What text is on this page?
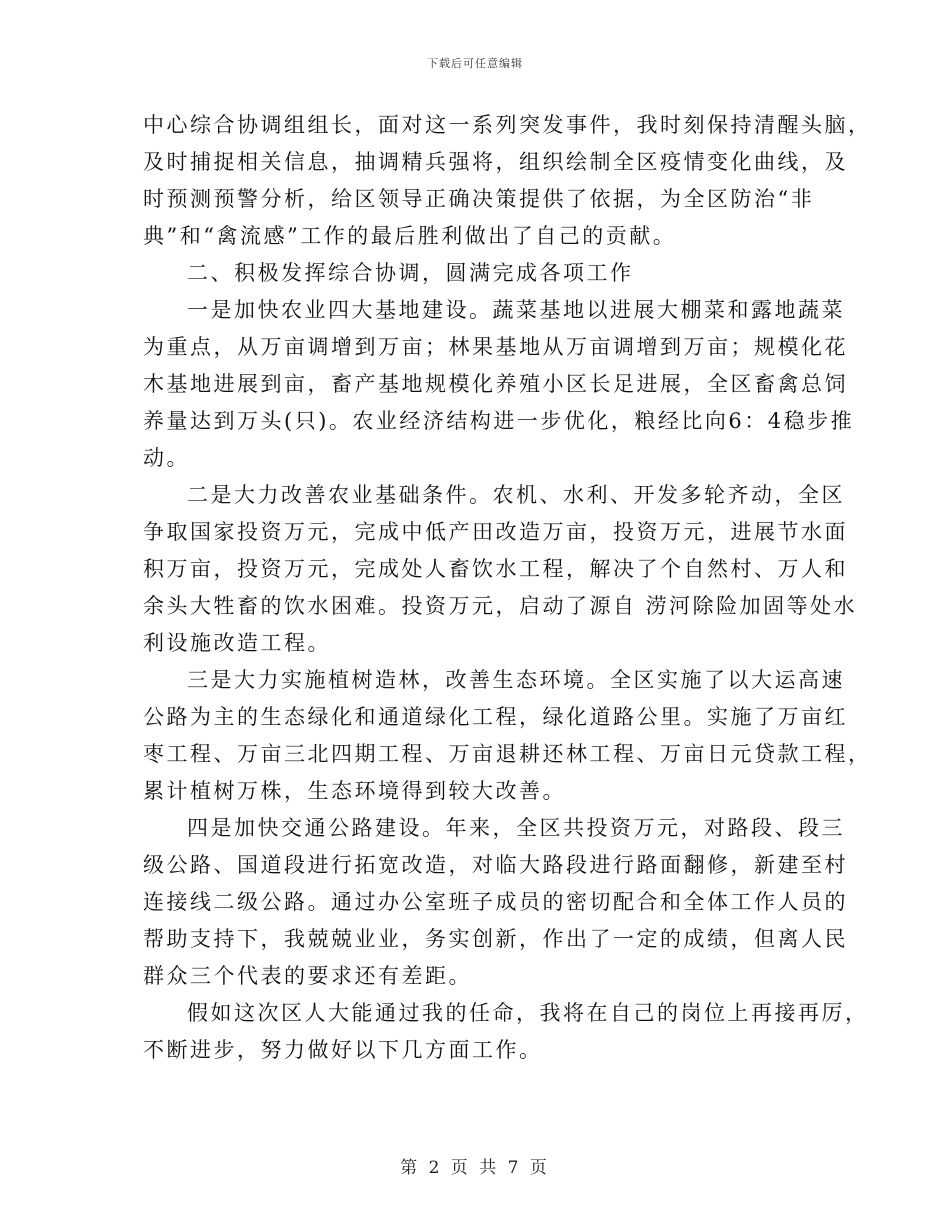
下载后可任意编辑
中心综合协调组组长，面对这一系列突发事件，我时刻保持清醒头脑，
及时捕捉相关信息，抽调精兵强将，组织绘制全区疫情变化曲线，及
时预测预警分析，给区领导正确决策提供了依据，为全区防治“非
典”和“禽流感”工作的最后胜利做出了自己的贡献。
二、积极发挥综合协调，圆满完成各项工作
一是加快农业四大基地建设。蔬菜基地以进展大棚菜和露地蔬菜
为重点，从万亩调增到万亩；林果基地从万亩调增到万亩；规模化花
木基地进展到亩，畜产基地规模化养殖小区长足进展，全区畜禽总饲
养量达到万头(只)。农业经济结构进一步优化，粮经比向6：4稳步推
动。
二是大力改善农业基础条件。农机、水利、开发多轮齐动，全区
争取国家投资万元，完成中低产田改造万亩，投资万元，进展节水面
积万亩，投资万元，完成处人畜饮水工程，解决了个自然村、万人和
余头大牲畜的饮水困难。投资万元，启动了源自 涝河除险加固等处水
利设施改造工程。
三是大力实施植树造林，改善生态环境。全区实施了以大运高速
公路为主的生态绿化和通道绿化工程，绿化道路公里。实施了万亩红
枣工程、万亩三北四期工程、万亩退耕还林工程、万亩日元贷款工程，
累计植树万株，生态环境得到较大改善。
四是加快交通公路建设。年来，全区共投资万元，对路段、段三
级公路、国道段进行拓宽改造，对临大路段进行路面翻修，新建至村
连接线二级公路。通过办公室班子成员的密切配合和全体工作人员的
帮助支持下，我兢兢业业，务实创新，作出了一定的成绩，但离人民
群众三个代表的要求还有差距。
假如这次区人大能通过我的任命，我将在自己的岗位上再接再厉，
不断进步，努力做好以下几方面工作。
第 2 页 共 7 页
